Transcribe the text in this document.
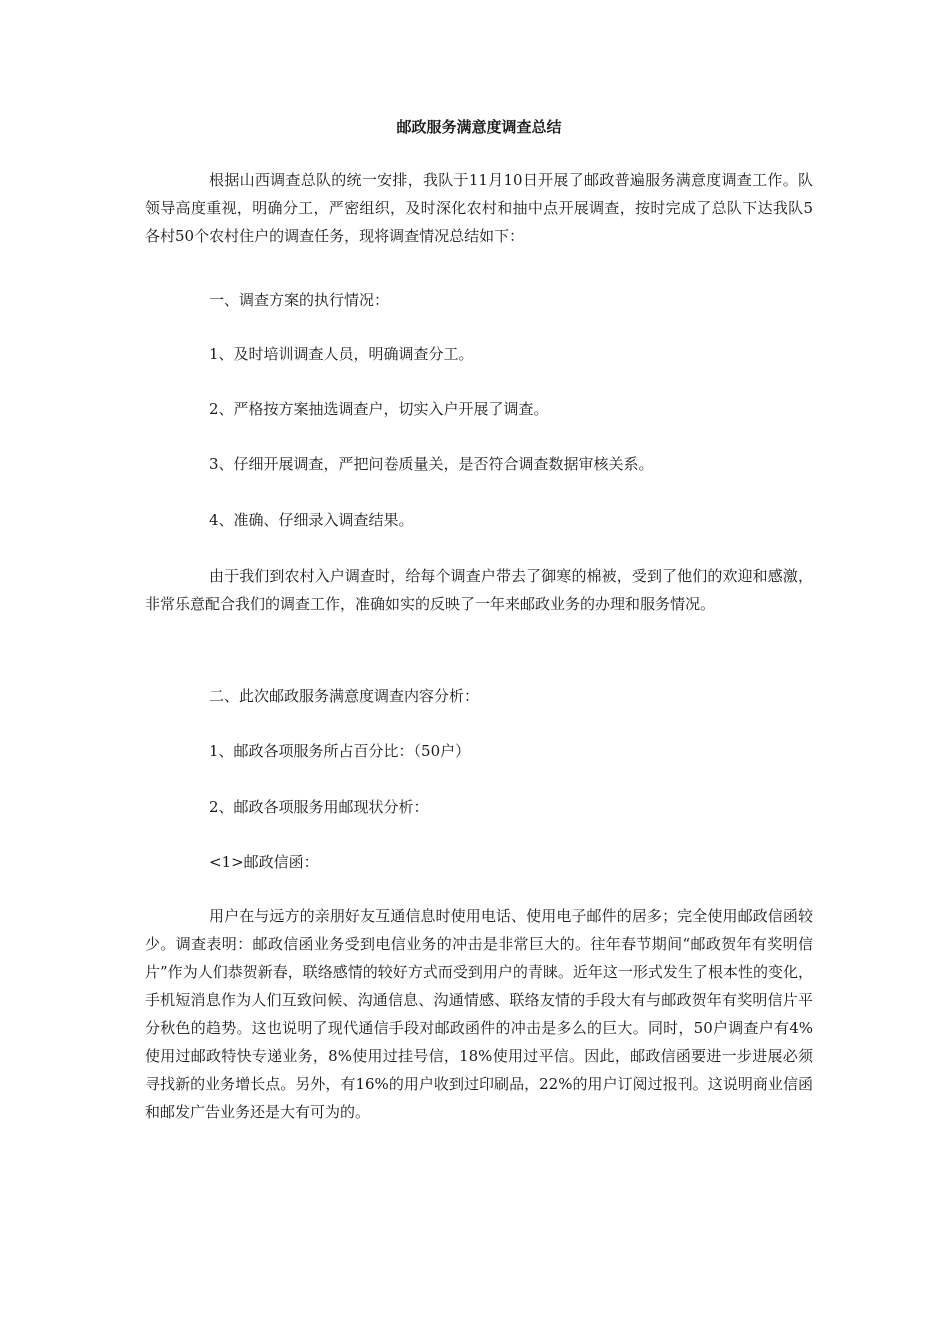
邮政服务满意度调查总结

根据山西调查总队的统一安排，我队于11月10日开展了邮政普遍服务满意度调查工作。队领导高度重视，明确分工，严密组织，及时深化农村和抽中点开展调查，按时完成了总队下达我队5各村50个农村住户的调查任务，现将调查情况总结如下：

一、调查方案的执行情况：

1、及时培训调查人员，明确调查分工。

2、严格按方案抽选调查户，切实入户开展了调查。

3、仔细开展调查，严把问卷质量关，是否符合调查数据审核关系。

4、准确、仔细录入调查结果。

由于我们到农村入户调查时，给每个调查户带去了御寒的棉被，受到了他们的欢迎和感激，非常乐意配合我们的调查工作，准确如实的反映了一年来邮政业务的办理和服务情况。

二、此次邮政服务满意度调查内容分析：

1、邮政各项服务所占百分比：（50户）

2、邮政各项服务用邮现状分析：

<1>邮政信函：

用户在与远方的亲朋好友互通信息时使用电话、使用电子邮件的居多；完全使用邮政信函较少。调查表明：邮政信函业务受到电信业务的冲击是非常巨大的。往年春节期间“邮政贺年有奖明信片”作为人们恭贺新春，联络感情的较好方式而受到用户的青睐。近年这一形式发生了根本性的变化，手机短消息作为人们互致问候、沟通信息、沟通情感、联络友情的手段大有与邮政贺年有奖明信片平分秋色的趋势。这也说明了现代通信手段对邮政函件的冲击是多么的巨大。同时，50户调查户有4%使用过邮政特快专递业务，8%使用过挂号信，18%使用过平信。因此，邮政信函要进一步进展必须寻找新的业务增长点。另外，有16%的用户收到过印刷品，22%的用户订阅过报刊。这说明商业信函和邮发广告业务还是大有可为的。
